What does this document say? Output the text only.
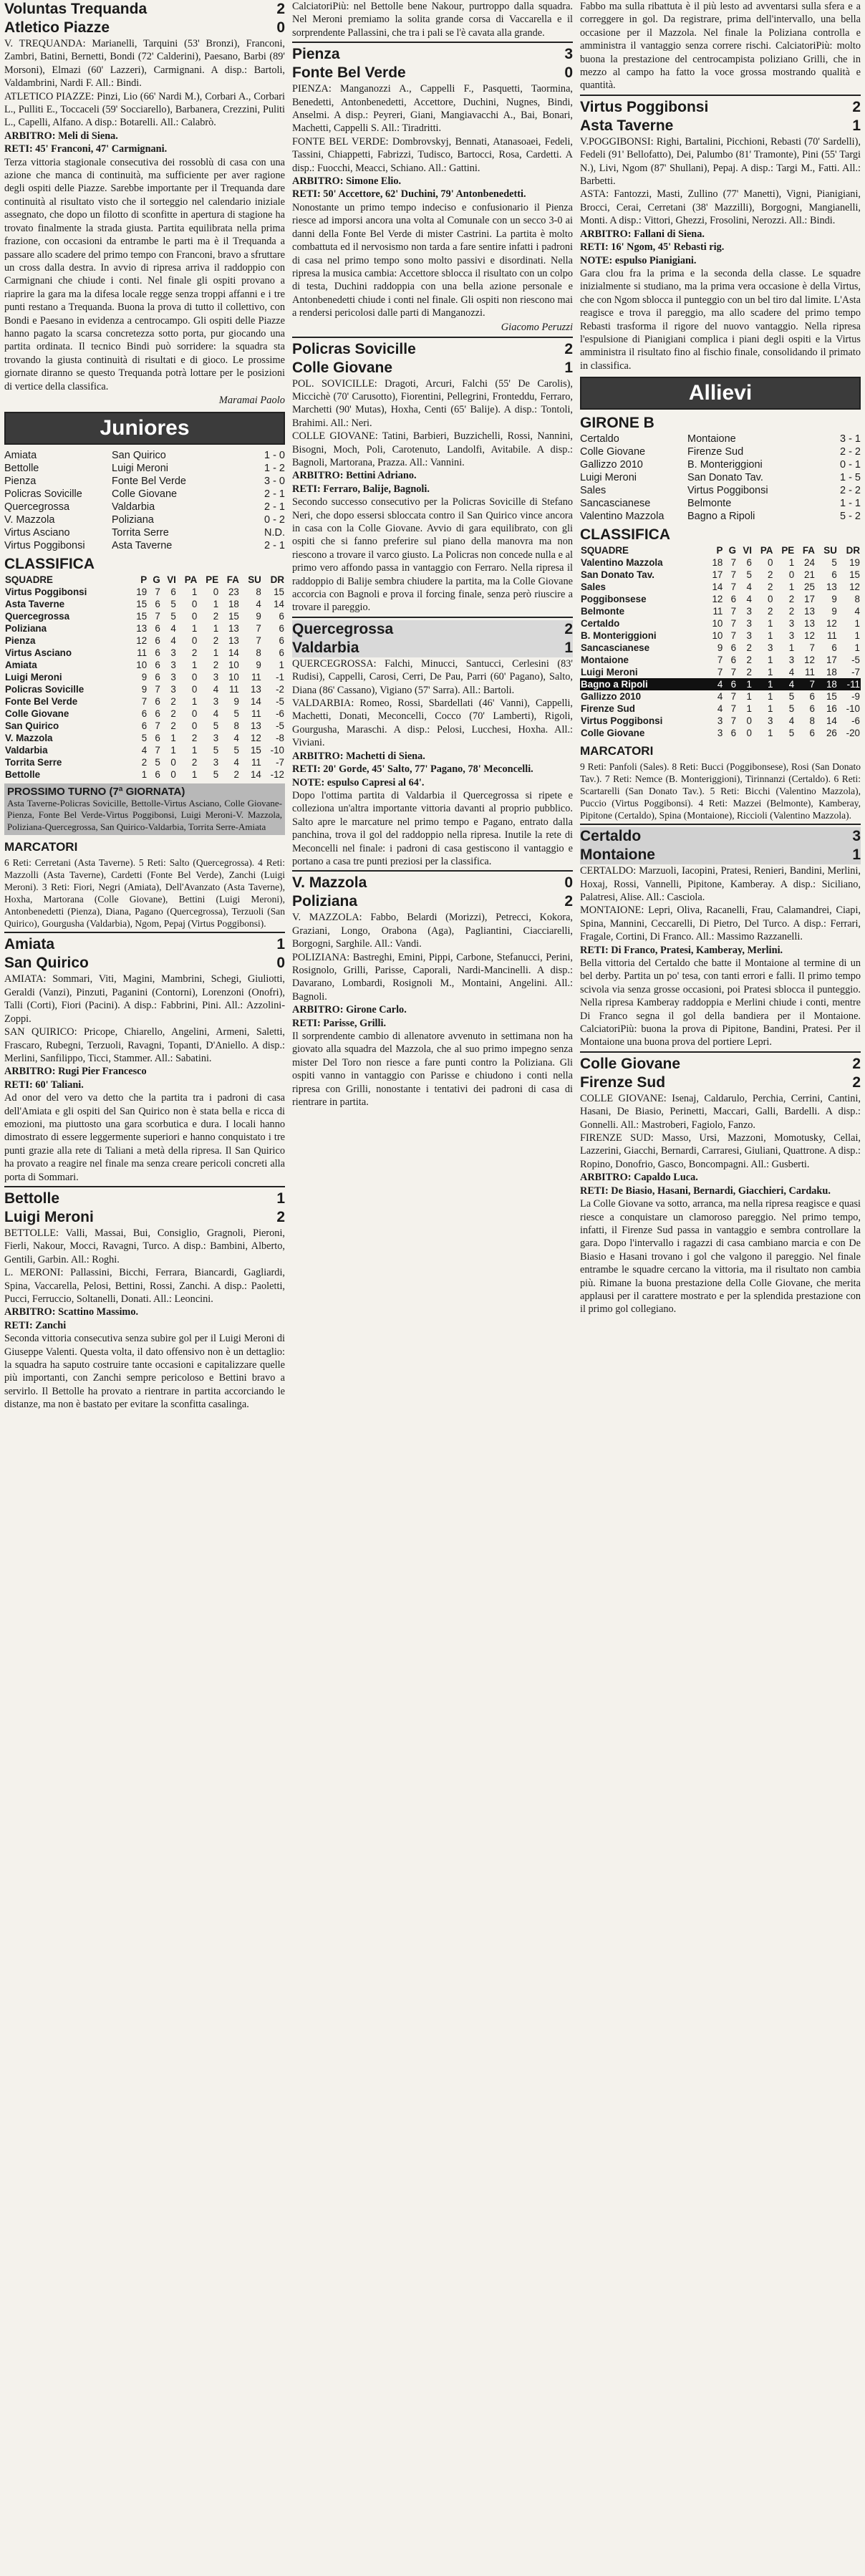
Voluntas Trequanda	2
Atletico Piazze	0

V. TREQUANDA: Marianelli, Tarquini (53' Bronzi), Franconi, Zambri, Batini, Bernetti, Bondi (72' Calderini), Paesano, Barbi (89' Morsoni), Elmazi (60' Lazzeri), Carmignani. A disp.: Bartoli, Valdambrini, Nardi F. All.: Bindi.

ATLETICO PIAZZE: Pinzi, Lio (66' Nardi M.), Corbari A., Corbari L., Pulliti E., Toccaceli (59' Socciarello), Barbanera, Crezzini, Puliti L., Capelli, Alfano. A disp.: Botarelli. All.: Calabrò.

ARBITRO: Meli di Siena.

RETI: 45' Franconi, 47' Carmignani.

Terza vittoria stagionale consecutiva dei rossoblù di casa con una azione che manca di continuità, ma sufficiente per aver ragione degli ospiti delle Piazze. Sarebbe importante per il Trequanda dare continuità al risultato visto che il sorteggio nel calendario iniziale assegnato, che dopo un filotto di sconfitte in apertura di stagione ha trovato finalmente la strada giusta. Partita equilibrata nella prima frazione, con occasioni da entrambe le parti ma è il Trequanda a passare allo scadere del primo tempo con Franconi, bravo a sfruttare un cross dalla destra. In avvio di ripresa arriva il raddoppio con Carmignani che chiude i conti. Nel finale gli ospiti provano a riaprire la gara ma la difesa locale regge senza troppi affanni e i tre punti restano a Trequanda. Buona la prova di tutto il collettivo, con Bondi e Paesano in evidenza a centrocampo. Gli ospiti delle Piazze hanno pagato la scarsa concretezza sotto porta, pur giocando una partita ordinata. Il tecnico Bindi può sorridere: la squadra sta trovando la giusta continuità di risultati e di gioco. Le prossime giornate diranno se questo Trequanda potrà lottare per le posizioni di vertice della classifica.

Maramai Paolo
Juniores
Amiata	San Quirico	1 - 0
Bettolle	Luigi Meroni	1 - 2
Pienza	Fonte Bel Verde	3 - 0
Policras Sovicille	Colle Giovane	2 - 1
Quercegrossa	Valdarbia	2 - 1
V. Mazzola	Poliziana	0 - 2
Virtus Asciano	Torrita Serre	N.D.
Virtus Poggibonsi	Asta Taverne	2 - 1
CLASSIFICA
SQUADRE	P	G	VI	PA	PE	FA	SU	DR
Virtus Poggibonsi	19	7	6	1	0	23	8	15
Asta Taverne	15	6	5	0	1	18	4	14
Quercegrossa	15	7	5	0	2	15	9	6
Poliziana	13	6	4	1	1	13	7	6
Pienza	12	6	4	0	2	13	7	6
Virtus Asciano	11	6	3	2	1	14	8	6
Amiata	10	6	3	1	2	10	9	1
Luigi Meroni	9	6	3	0	3	10	11	-1
Policras Sovicille	9	7	3	0	4	11	13	-2
Fonte Bel Verde	7	6	2	1	3	9	14	-5
Colle Giovane	6	6	2	0	4	5	11	-6
San Quirico	6	7	2	0	5	8	13	-5
V. Mazzola	5	6	1	2	3	4	12	-8
Valdarbia	4	7	1	1	5	5	15	-10
Torrita Serre	2	5	0	2	3	4	11	-7
Bettolle	1	6	0	1	5	2	14	-12
PROSSIMO TURNO (7ª GIORNATA)

Asta Taverne-Policras Sovicille, Bettolle-Virtus Asciano, Colle Giovane-Pienza, Fonte Bel Verde-Virtus Poggibonsi, Luigi Meroni-V. Mazzola, Poliziana-Quercegrossa, San Quirico-Valdarbia, Torrita Serre-Amiata

MARCATORI

6 Reti: Cerretani (Asta Taverne). 5 Reti: Salto (Quercegrossa). 4 Reti: Mazzolli (Asta Taverne), Cardetti (Fonte Bel Verde), Zanchi (Luigi Meroni). 3 Reti: Fiori, Negri (Amiata), Dell'Avanzato (Asta Taverne), Hoxha, Martorana (Colle Giovane), Bettini (Luigi Meroni), Antonbenedetti (Pienza), Diana, Pagano (Quercegrossa), Terzuoli (San Quirico), Gourgusha (Valdarbia), Ngom, Pepaj (Virtus Poggibonsi).

Amiata	1
San Quirico	0

AMIATA: Sommari, Viti, Magini, Mambrini, Schegi, Giuliotti, Geraldi (Vanzi), Pinzuti, Paganini (Contorni), Lorenzoni (Onofri), Talli (Corti), Fiori (Pacini). A disp.: Fabbrini, Pini. All.: Azzolini-Zoppi.

SAN QUIRICO: Pricope, Chiarello, Angelini, Armeni, Saletti, Frascaro, Rubegni, Terzuoli, Ravagni, Topanti, D'Aniello. A disp.: Merlini, Sanfilippo, Ticci, Stammer. All.: Sabatini.

ARBITRO: Rugi Pier Francesco

RETI: 60' Taliani.

Ad onor del vero va detto che la partita tra i padroni di casa dell'Amiata e gli ospiti del San Quirico non è stata bella e ricca di emozioni, ma piuttosto una gara scorbutica e dura. I locali hanno dimostrato di essere leggermente superiori e hanno conquistato i tre punti grazie alla rete di Taliani a metà della ripresa. Il San Quirico ha provato a reagire nel finale ma senza creare pericoli concreti alla porta di Sommari.

Bettolle	1
Luigi Meroni	2

BETTOLLE: Valli, Massai, Bui, Consiglio, Gragnoli, Pieroni, Fierli, Nakour, Mocci, Ravagni, Turco. A disp.: Bambini, Alberto, Gentili, Garbin. All.: Roghi.

L. MERONI: Pallassini, Bicchi, Ferrara, Biancardi, Gagliardi, Spina, Vaccarella, Pelosi, Bettini, Rossi, Zanchi. A disp.: Paoletti, Pucci, Ferruccio, Soltanelli, Donati. All.: Leoncini.

ARBITRO: Scattino Massimo.

RETI: Zanchi

Seconda vittoria consecutiva senza subire gol per il Luigi Meroni di Giuseppe Valenti. Questa volta, il dato offensivo non è un dettaglio: la squadra ha saputo costruire tante occasioni e capitalizzare quelle più importanti, con Zanchi sempre pericoloso e Bettini bravo a servirlo. Il Bettolle ha provato a rientrare in partita accorciando le distanze, ma non è bastato per evitare la sconfitta casalinga.

CalciatoriPiù: nel Bettolle bene Nakour, purtroppo dalla squadra. Nel Meroni premiamo la solita grande corsa di Vaccarella e il sorprendente Pallassini, che tra i pali se l'è cavata alla grande.

Pienza	3
Fonte Bel Verde	0

PIENZA: Manganozzi A., Cappelli F., Pasquetti, Taormina, Benedetti, Antonbenedetti, Accettore, Duchini, Nugnes, Bindi, Anselmi. A disp.: Peyreri, Giani, Mangiavacchi A., Bai, Bonari, Machetti, Cappelli S. All.: Tiradritti.

FONTE BEL VERDE: Dombrovskyj, Bennati, Atanasoaei, Fedeli, Tassini, Chiappetti, Fabrizzi, Tudisco, Bartocci, Rosa, Cardetti. A disp.: Fuocchi, Meacci, Schiano. All.: Gattini.

ARBITRO: Simone Elio.

RETI: 50' Accettore, 62' Duchini, 79' Antonbenedetti.

Nonostante un primo tempo indeciso e confusionario il Pienza riesce ad imporsi ancora una volta al Comunale con un secco 3-0 ai danni della Fonte Bel Verde di mister Castrini. La partita è molto combattuta ed il nervosismo non tarda a fare sentire infatti i padroni di casa nel primo tempo sono molto passivi e disordinati. Nella ripresa la musica cambia: Accettore sblocca il risultato con un colpo di testa, Duchini raddoppia con una bella azione personale e Antonbenedetti chiude i conti nel finale. Gli ospiti non riescono mai a rendersi pericolosi dalle parti di Manganozzi.

Giacomo Peruzzi
Policras Sovicille	2
Colle Giovane	1

POL. SOVICILLE: Dragoti, Arcuri, Falchi (55' De Carolis), Miccichè (70' Carusotto), Fiorentini, Pellegrini, Fronteddu, Ferraro, Marchetti (90' Mutas), Hoxha, Centi (65' Balije). A disp.: Tontoli, Brahimi. All.: Neri.

COLLE GIOVANE: Tatini, Barbieri, Buzzichelli, Rossi, Nannini, Bisogni, Moch, Poli, Carotenuto, Landolfi, Avitabile. A disp.: Bagnoli, Martorana, Prazza. All.: Vannini.

ARBITRO: Bettini Adriano.

RETI: Ferraro, Balije, Bagnoli.

Secondo successo consecutivo per la Policras Sovicille di Stefano Neri, che dopo essersi sbloccata contro il San Quirico vince ancora in casa con la Colle Giovane. Avvio di gara equilibrato, con gli ospiti che si fanno preferire sul piano della manovra ma non riescono a trovare il varco giusto. La Policras non concede nulla e al primo vero affondo passa in vantaggio con Ferraro. Nella ripresa il raddoppio di Balije sembra chiudere la partita, ma la Colle Giovane accorcia con Bagnoli e prova il forcing finale, senza però riuscire a trovare il pareggio.

Quercegrossa	2
Valdarbia	1

QUERCEGROSSA: Falchi, Minucci, Santucci, Cerlesini (83' Rudisi), Cappelli, Carosi, Cerri, De Pau, Parri (60' Pagano), Salto, Diana (86' Cassano), Vigiano (57' Sarra). All.: Bartoli.

VALDARBIA: Romeo, Rossi, Sbardellati (46' Vanni), Cappelli, Machetti, Donati, Meconcelli, Cocco (70' Lamberti), Rigoli, Gourgusha, Maraschi. A disp.: Pelosi, Lucchesi, Hoxha. All.: Viviani.

ARBITRO: Machetti di Siena.

RETI: 20' Gorde, 45' Salto, 77' Pagano, 78' Meconcelli.

NOTE: espulso Capresi al 64'.

Dopo l'ottima partita di Valdarbia il Quercegrossa si ripete e colleziona un'altra importante vittoria davanti al proprio pubblico. Salto apre le marcature nel primo tempo e Pagano, entrato dalla panchina, trova il gol del raddoppio nella ripresa. Inutile la rete di Meconcelli nel finale: i padroni di casa gestiscono il vantaggio e portano a casa tre punti preziosi per la classifica.

V. Mazzola	0
Poliziana	2

V. MAZZOLA: Fabbo, Belardi (Morizzi), Petrecci, Kokora, Graziani, Longo, Orabona (Aga), Pagliantini, Ciacciarelli, Borgogni, Sarghile. All.: Vandi.

POLIZIANA: Bastreghi, Emini, Pippi, Carbone, Stefanucci, Perini, Rosignolo, Grilli, Parisse, Caporali, Nardi-Mancinelli. A disp.: Davarano, Lombardi, Rosignoli M., Montaini, Angelini. All.: Bagnoli.

ARBITRO: Girone Carlo.

RETI: Parisse, Grilli.

Il sorprendente cambio di allenatore avvenuto in settimana non ha giovato alla squadra del Mazzola, che al suo primo impegno senza mister Del Toro non riesce a fare punti contro la Poliziana. Gli ospiti vanno in vantaggio con Parisse e chiudono i conti nella ripresa con Grilli, nonostante i tentativi dei padroni di casa di rientrare in partita.

Fabbo ma sulla ribattuta è il più lesto ad avventarsi sulla sfera e a correggere in gol. Da registrare, prima dell'intervallo, una bella occasione per il Mazzola. Nel finale la Poliziana controlla e amministra il vantaggio senza correre rischi. CalciatoriPiù: molto buona la prestazione del centrocampista poliziano Grilli, che in mezzo al campo ha fatto la voce grossa mostrando qualità e quantità.

Virtus Poggibonsi	2
Asta Taverne	1

V.POGGIBONSI: Righi, Bartalini, Picchioni, Rebasti (70' Sardelli), Fedeli (91' Bellofatto), Dei, Palumbo (81' Tramonte), Pini (55' Targi N.), Livi, Ngom (87' Shullani), Pepaj. A disp.: Targi M., Fatti. All.: Barbetti.

ASTA: Fantozzi, Masti, Zullino (77' Manetti), Vigni, Pianigiani, Brocci, Cerai, Cerretani (38' Mazzilli), Borgogni, Mangianelli, Monti. A disp.: Vittori, Ghezzi, Frosolini, Nerozzi. All.: Bindi.

ARBITRO: Fallani di Siena.

RETI: 16' Ngom, 45' Rebasti rig.

NOTE: espulso Pianigiani.

Gara clou fra la prima e la seconda della classe. Le squadre inizialmente si studiano, ma la prima vera occasione è della Virtus, che con Ngom sblocca il punteggio con un bel tiro dal limite. L'Asta reagisce e trova il pareggio, ma allo scadere del primo tempo Rebasti trasforma il rigore del nuovo vantaggio. Nella ripresa l'espulsione di Pianigiani complica i piani degli ospiti e la Virtus amministra il risultato fino al fischio finale, consolidando il primato in classifica.

Allievi
GIRONE B
Certaldo	Montaione	3 - 1
Colle Giovane	Firenze Sud	2 - 2
Gallizzo 2010	B. Monteriggioni	0 - 1
Luigi Meroni	San Donato Tav.	1 - 5
Sales	Virtus Poggibonsi	2 - 2
Sancascianese	Belmonte	1 - 1
Valentino Mazzola	Bagno a Ripoli	5 - 2
CLASSIFICA
SQUADRE	P	G	VI	PA	PE	FA	SU	DR
Valentino Mazzola	18	7	6	0	1	24	5	19
San Donato Tav.	17	7	5	2	0	21	6	15
Sales	14	7	4	2	1	25	13	12
Poggibonsese	12	6	4	0	2	17	9	8
Belmonte	11	7	3	2	2	13	9	4
Certaldo	10	7	3	1	3	13	12	1
B. Monteriggioni	10	7	3	1	3	12	11	1
Sancascianese	9	6	2	3	1	7	6	1
Montaione	7	6	2	1	3	12	17	-5
Luigi Meroni	7	7	2	1	4	11	18	-7
Bagno a Ripoli	4	6	1	1	4	7	18	-11
Gallizzo 2010	4	7	1	1	5	6	15	-9
Firenze Sud	4	7	1	1	5	6	16	-10
Virtus Poggibonsi	3	7	0	3	4	8	14	-6
Colle Giovane	3	6	0	1	5	6	26	-20
MARCATORI

9 Reti: Panfoli (Sales). 8 Reti: Bucci (Poggibonsese), Rosi (San Donato Tav.). 7 Reti: Nemce (B. Monteriggioni), Tirinnanzi (Certaldo). 6 Reti: Scartarelli (San Donato Tav.). 5 Reti: Bicchi (Valentino Mazzola), Puccio (Virtus Poggibonsi). 4 Reti: Mazzei (Belmonte), Kamberay, Pipitone (Certaldo), Spina (Montaione), Riccioli (Valentino Mazzola).

Certaldo	3
Montaione	1

CERTALDO: Marzuoli, Iacopini, Pratesi, Renieri, Bandini, Merlini, Hoxaj, Rossi, Vannelli, Pipitone, Kamberay. A disp.: Siciliano, Palatresi, Alise. All.: Casciola.

MONTAIONE: Lepri, Oliva, Racanelli, Frau, Calamandrei, Ciapi, Spina, Mannini, Ceccarelli, Di Pietro, Del Turco. A disp.: Ferrari, Fragale, Cortini, Di Franco. All.: Massimo Razzanelli.

RETI: Di Franco, Pratesi, Kamberay, Merlini.

Bella vittoria del Certaldo che batte il Montaione al termine di un bel derby. Partita un po' tesa, con tanti errori e falli. Il primo tempo scivola via senza grosse occasioni, poi Pratesi sblocca il punteggio. Nella ripresa Kamberay raddoppia e Merlini chiude i conti, mentre Di Franco segna il gol della bandiera per il Montaione. CalciatoriPiù: buona la prova di Pipitone, Bandini, Pratesi. Per il Montaione una buona prova del portiere Lepri.

Colle Giovane	2
Firenze Sud	2

COLLE GIOVANE: Isenaj, Caldarulo, Perchia, Cerrini, Cantini, Hasani, De Biasio, Perinetti, Maccari, Galli, Bardelli. A disp.: Gonnelli. All.: Mastroberi, Fagiolo, Fanzo.

FIRENZE SUD: Masso, Ursi, Mazzoni, Momotusky, Cellai, Lazzerini, Giacchi, Bernardi, Carraresi, Giuliani, Quattrone. A disp.: Ropino, Donofrio, Gasco, Boncompagni. All.: Gusberti.

ARBITRO: Capaldo Luca.

RETI: De Biasio, Hasani, Bernardi, Giacchieri, Cardaku.

La Colle Giovane va sotto, arranca, ma nella ripresa reagisce e quasi riesce a conquistare un clamoroso pareggio. Nel primo tempo, infatti, il Firenze Sud passa in vantaggio e sembra controllare la gara. Dopo l'intervallo i ragazzi di casa cambiano marcia e con De Biasio e Hasani trovano i gol che valgono il pareggio. Nel finale entrambe le squadre cercano la vittoria, ma il risultato non cambia più. Rimane la buona prestazione della Colle Giovane, che merita applausi per il carattere mostrato e per la splendida prestazione con il primo gol collegiano.
